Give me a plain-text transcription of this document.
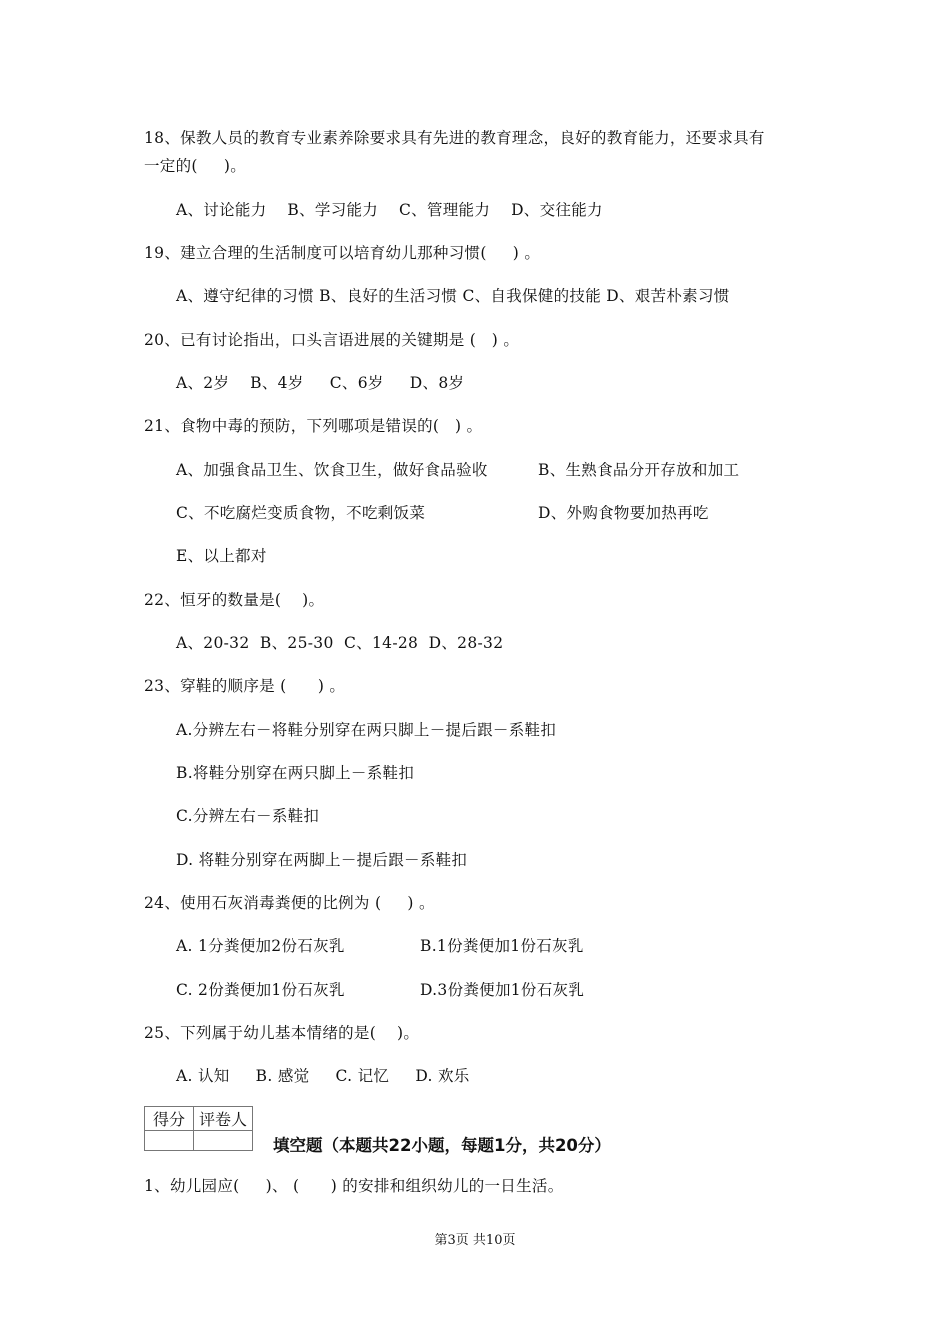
18、保教人员的教育专业素养除要求具有先进的教育理念，良好的教育能力，还要求具有
一定的(     )。
A、讨论能力    B、学习能力    C、管理能力    D、交往能力
19、建立合理的生活制度可以培育幼儿那种习惯(     ) 。
A、遵守纪律的习惯 B、良好的生活习惯 C、自我保健的技能 D、艰苦朴素习惯
20、已有讨论指出，口头言语进展的关键期是 (   ) 。
A、2岁    B、4岁     C、6岁     D、8岁
21、食物中毒的预防，下列哪项是错误的(   ) 。
A、加强食品卫生、饮食卫生，做好食品验收	B、生熟食品分开存放和加工
C、不吃腐烂变质食物，不吃剩饭菜	D、外购食物要加热再吃
E、以上都对
22、恒牙的数量是(    )。
A、20-32  B、25-30  C、14-28  D、28-32
23、穿鞋的顺序是 (      ) 。
A.分辨左右－将鞋分别穿在两只脚上－提后跟－系鞋扣
B.将鞋分别穿在两只脚上－系鞋扣
C.分辨左右－系鞋扣
D. 将鞋分别穿在两脚上－提后跟－系鞋扣
24、使用石灰消毒粪便的比例为 (     ) 。
A. 1分粪便加2份石灰乳	B.1份粪便加1份石灰乳
C. 2份粪便加1份石灰乳	D.3份粪便加1份石灰乳
25、下列属于幼儿基本情绪的是(    )。
A. 认知     B. 感觉     C. 记忆     D. 欢乐
得分	评卷人

填空题（本题共22小题，每题1分，共20分）
1、幼儿园应(     )、 (      ) 的安排和组织幼儿的一日生活。
第3页 共10页
